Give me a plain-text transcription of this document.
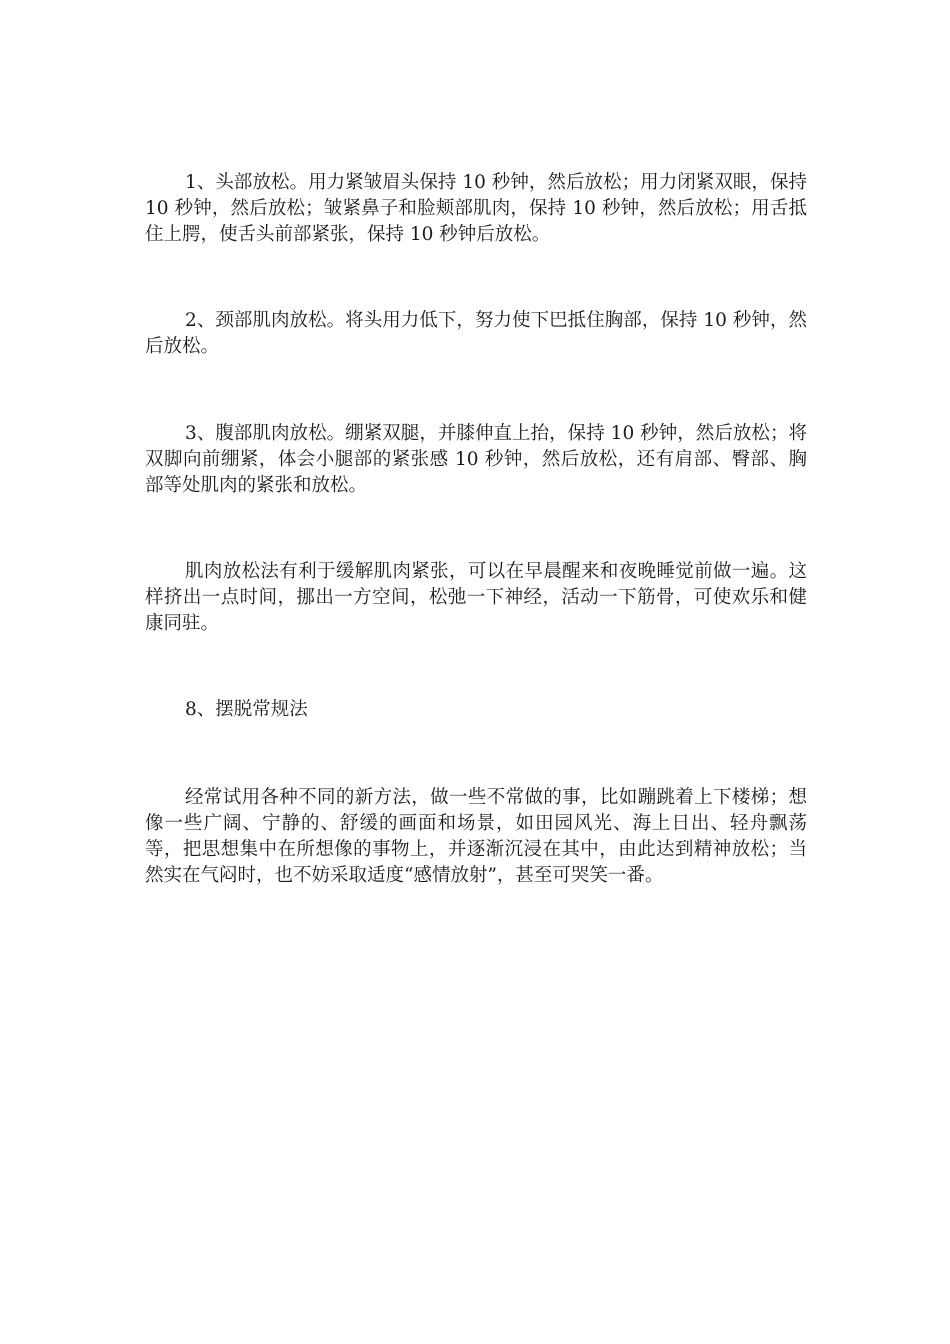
1、头部放松。用力紧皱眉头保持 10 秒钟，然后放松；用力闭紧双眼，保持 10 秒钟，然后放松；皱紧鼻子和脸颊部肌肉，保持 10 秒钟，然后放松；用舌抵住上腭，使舌头前部紧张，保持 10 秒钟后放松。

2、颈部肌肉放松。将头用力低下，努力使下巴抵住胸部，保持 10 秒钟，然后放松。

3、腹部肌肉放松。绷紧双腿，并膝伸直上抬，保持 10 秒钟，然后放松；将双脚向前绷紧，体会小腿部的紧张感 10 秒钟，然后放松，还有肩部、臀部、胸部等处肌肉的紧张和放松。

肌肉放松法有利于缓解肌肉紧张，可以在早晨醒来和夜晚睡觉前做一遍。这样挤出一点时间，挪出一方空间，松弛一下神经，活动一下筋骨，可使欢乐和健康同驻。

8、摆脱常规法

经常试用各种不同的新方法，做一些不常做的事，比如蹦跳着上下楼梯；想像一些广阔、宁静的、舒缓的画面和场景，如田园风光、海上日出、轻舟飘荡等，把思想集中在所想像的事物上，并逐渐沉浸在其中，由此达到精神放松；当然实在气闷时，也不妨采取适度“感情放射”，甚至可哭笑一番。
